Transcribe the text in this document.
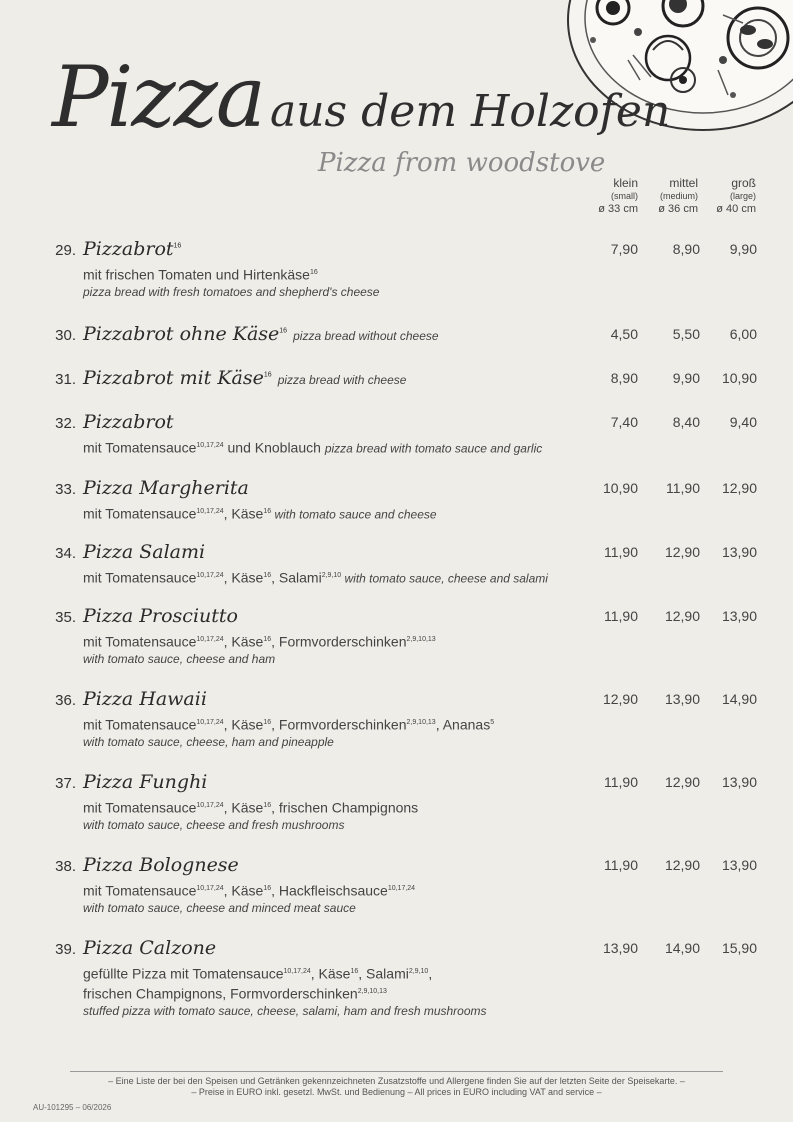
Pizza aus dem Holzofen
Pizza from woodstove
klein
(small)
ø 33 cm
mittel
(medium)
ø 36 cm
groß
(large)
ø 40 cm
29. Pizzabrot$^{16}$
mit frischen Tomaten und Hirtenkäse$^{16}$
pizza bread with fresh tomatoes and shepherd's cheese
7,90	8,90	9,90
30. Pizzabrot ohne Käse$^{16}$ pizza bread without cheese	4,50	5,50	6,00
31. Pizzabrot mit Käse$^{16}$ pizza bread with cheese	8,90	9,90	10,90
32. Pizzabrot
mit Tomatensauce$^{10,17,24}$ und Knoblauch pizza bread with tomato sauce and garlic
7,40	8,40	9,40
33. Pizza Margherita
mit Tomatensauce$^{10,17,24}$, Käse$^{16}$ with tomato sauce and cheese
10,90	11,90	12,90
34. Pizza Salami
mit Tomatensauce$^{10,17,24}$, Käse$^{16}$, Salami$^{2,9,10}$ with tomato sauce, cheese and salami
11,90	12,90	13,90
35. Pizza Prosciutto
mit Tomatensauce$^{10,17,24}$, Käse$^{16}$, Formvorderschinken$^{2,9,10,13}$
with tomato sauce, cheese and ham
11,90	12,90	13,90
36. Pizza Hawaii
mit Tomatensauce$^{10,17,24}$, Käse$^{16}$, Formvorderschinken$^{2,9,10,13}$, Ananas$^5$
with tomato sauce, cheese, ham and pineapple
12,90	13,90	14,90
37. Pizza Funghi
mit Tomatensauce$^{10,17,24}$, Käse$^{16}$, frischen Champignons
with tomato sauce, cheese and fresh mushrooms
11,90	12,90	13,90
38. Pizza Bolognese
mit Tomatensauce$^{10,17,24}$, Käse$^{16}$, Hackfleischsauce$^{10,17,24}$
with tomato sauce, cheese and minced meat sauce
11,90	12,90	13,90
39. Pizza Calzone
gefüllte Pizza mit Tomatensauce$^{10,17,24}$, Käse$^{16}$, Salami$^{2,9,10}$,
frischen Champignons, Formvorderschinken$^{2,9,10,13}$
stuffed pizza with tomato sauce, cheese, salami, ham and fresh mushrooms
13,90	14,90	15,90
– Eine Liste der bei den Speisen und Getränken gekennzeichneten Zusatzstoffe und Allergene finden Sie auf der letzten Seite der Speisekarte. –
– Preise in EURO inkl. gesetzl. MwSt. und Bedienung – All prices in EURO including VAT and service –
AU-101295 – 06/2026
